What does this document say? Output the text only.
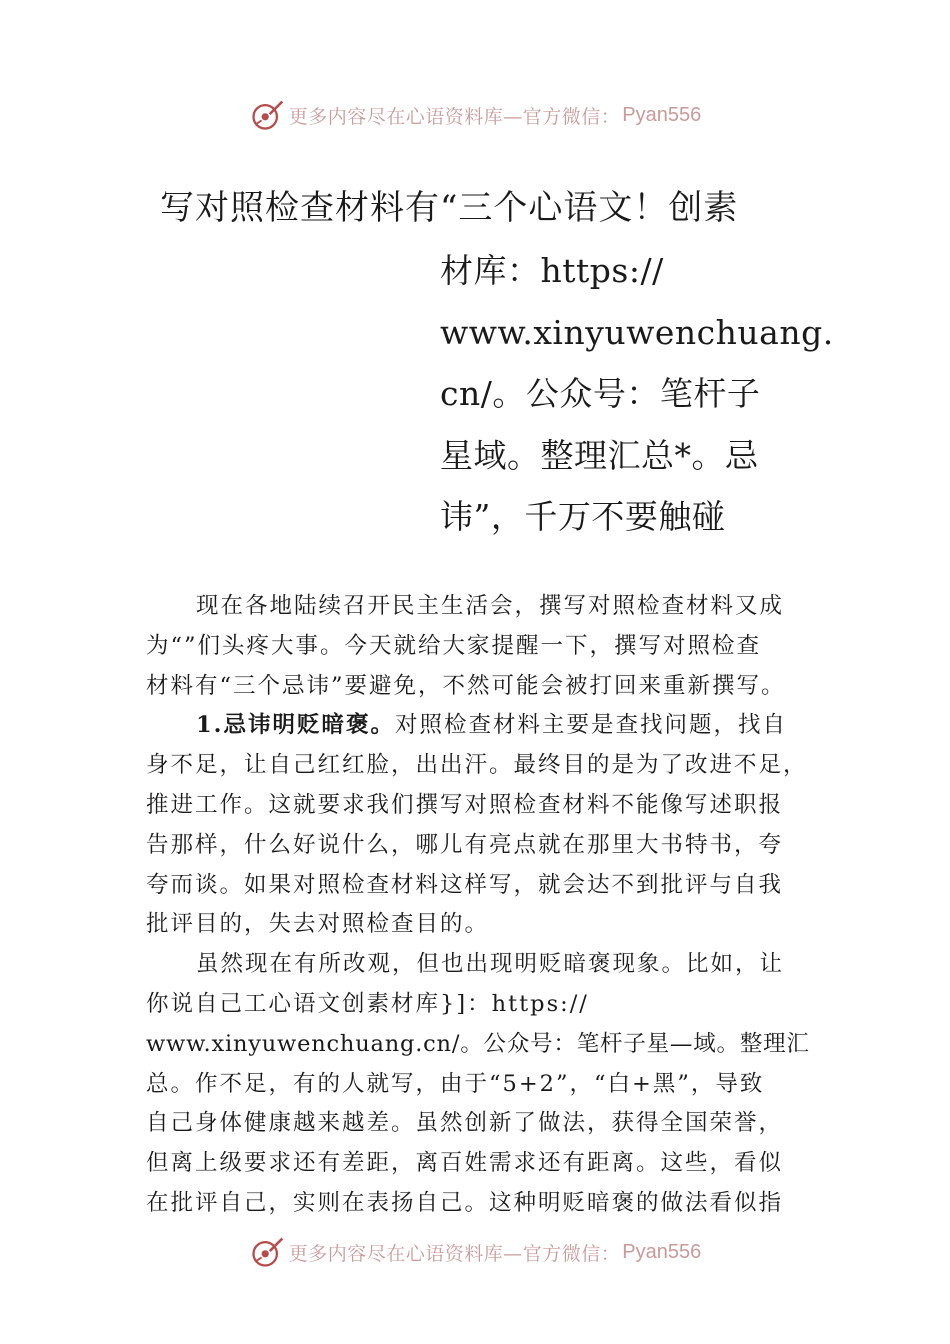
更多内容尽在心语资料库—官方微信： Pyan556
写对照检查材料有“三个心语文！创素
材库：https://
www.xinyuwenchuang.
cn/。公众号：笔杆子
星域。整理汇总*。忌
讳”，千万不要触碰

现在各地陆续召开民主生活会，撰写对照检查材料又成

为“”们头疼大事。今天就给大家提醒一下，撰写对照检查

材料有“三个忌讳”要避免，不然可能会被打回来重新撰写。

1.忌讳明贬暗褒。对照检查材料主要是查找问题，找自

身不足，让自己红红脸，出出汗。最终目的是为了改进不足，

推进工作。这就要求我们撰写对照检查材料不能像写述职报

告那样，什么好说什么，哪儿有亮点就在那里大书特书，夸

夸而谈。如果对照检查材料这样写，就会达不到批评与自我

批评目的，失去对照检查目的。

虽然现在有所改观，但也出现明贬暗褒现象。比如，让

你说自己工心语文创素材库}]：https://

www.xinyuwenchuang.cn/。公众号：笔杆子星—域。整理汇

总。作不足，有的人就写，由于“5+2”，“白+黑”，导致

自己身体健康越来越差。虽然创新了做法，获得全国荣誉，

但离上级要求还有差距，离百姓需求还有距离。这些，看似

在批评自己，实则在表扬自己。这种明贬暗褒的做法看似指

更多内容尽在心语资料库—官方微信： Pyan556
